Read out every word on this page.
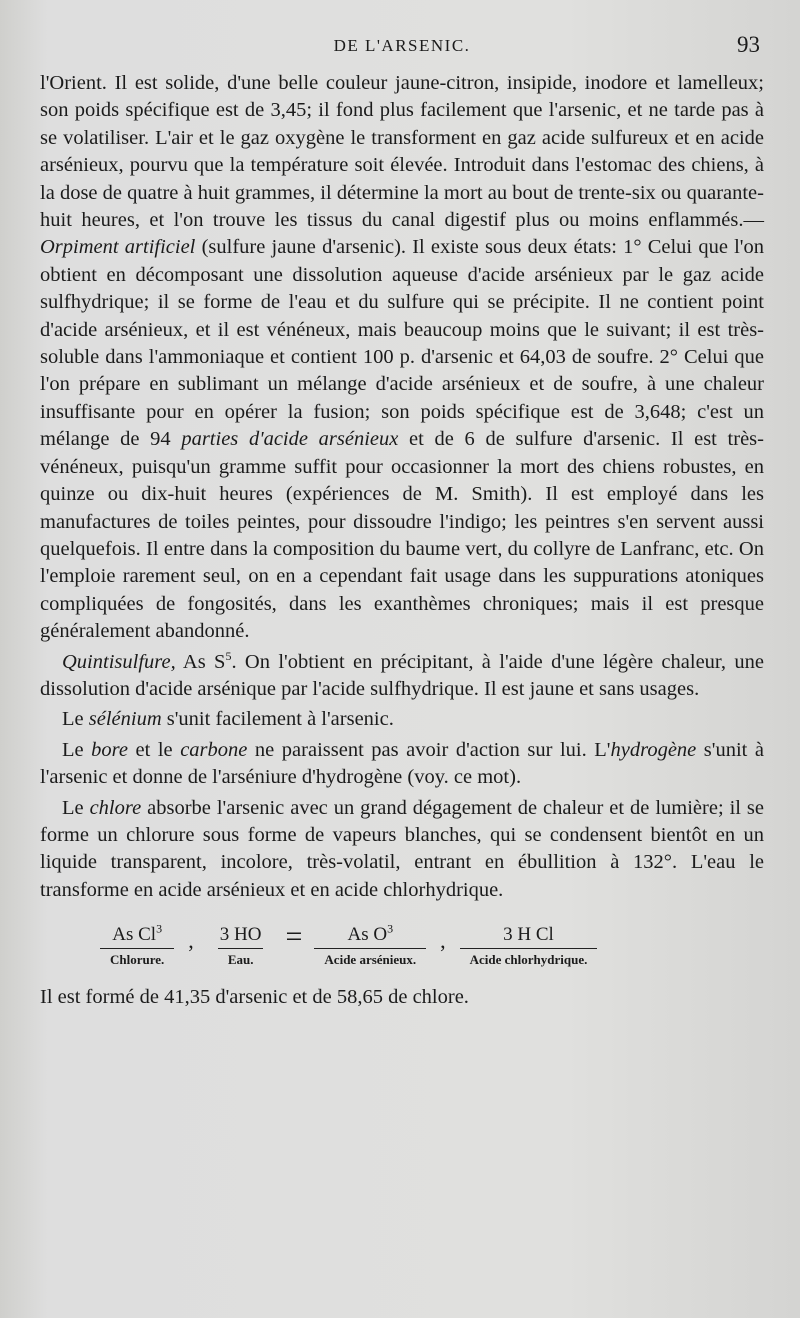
DE L'ARSENIC.	93

l'Orient. Il est solide, d'une belle couleur jaune-citron, insipide, inodore et lamelleux; son poids spécifique est de 3,45; il fond plus facilement que l'arsenic, et ne tarde pas à se volatiliser. L'air et le gaz oxygène le transforment en gaz acide sulfureux et en acide arsénieux, pourvu que la température soit élevée. Introduit dans l'estomac des chiens, à la dose de quatre à huit grammes, il détermine la mort au bout de trente-six ou quarante-huit heures, et l'on trouve les tissus du canal digestif plus ou moins enflammés.— Orpiment artificiel (sulfure jaune d'arsenic). Il existe sous deux états: 1° Celui que l'on obtient en décomposant une dissolution aqueuse d'acide arsénieux par le gaz acide sulfhydrique; il se forme de l'eau et du sulfure qui se précipite. Il ne contient point d'acide arsénieux, et il est vénéneux, mais beaucoup moins que le suivant; il est très-soluble dans l'ammoniaque et contient 100 p. d'arsenic et 64,03 de soufre. 2° Celui que l'on prépare en sublimant un mélange d'acide arsénieux et de soufre, à une chaleur insuffisante pour en opérer la fusion; son poids spécifique est de 3,648; c'est un mélange de 94 parties d'acide arsénieux et de 6 de sulfure d'arsenic. Il est très-vénéneux, puisqu'un gramme suffit pour occasionner la mort des chiens robustes, en quinze ou dix-huit heures (expériences de M. Smith). Il est employé dans les manufactures de toiles peintes, pour dissoudre l'indigo; les peintres s'en servent aussi quelquefois. Il entre dans la composition du baume vert, du collyre de Lanfranc, etc. On l'emploie rarement seul, on en a cependant fait usage dans les suppurations atoniques compliquées de fongosités, dans les exanthèmes chroniques; mais il est presque généralement abandonné.

Quintisulfure, As $S^5$. On l'obtient en précipitant, à l'aide d'une légère chaleur, une dissolution d'acide arsénique par l'acide sulfhydrique. Il est jaune et sans usages.

Le sélénium s'unit facilement à l'arsenic.

Le bore et le carbone ne paraissent pas avoir d'action sur lui. L'hydrogène s'unit à l'arsenic et donne de l'arséniure d'hydrogène (voy. ce mot).

Le chlore absorbe l'arsenic avec un grand dégagement de chaleur et de lumière; il se forme un chlorure sous forme de vapeurs blanches, qui se condensent bientôt en un liquide transparent, incolore, très-volatil, entrant en ébullition à 132°. L'eau le transforme en acide arsénieux et en acide chlorhydrique.

$\frac{As Cl^3}{\text{Chlorure.}}$ , $\frac{3 HO}{\text{Eau.}} = \frac{As O^3}{\text{Acide arsénieux.}}$ , $\frac{\text{3 H Cl}}{\text{Acide chlorhydrique.}}$

Il est formé de 41,35 d'arsenic et de 58,65 de chlore.
